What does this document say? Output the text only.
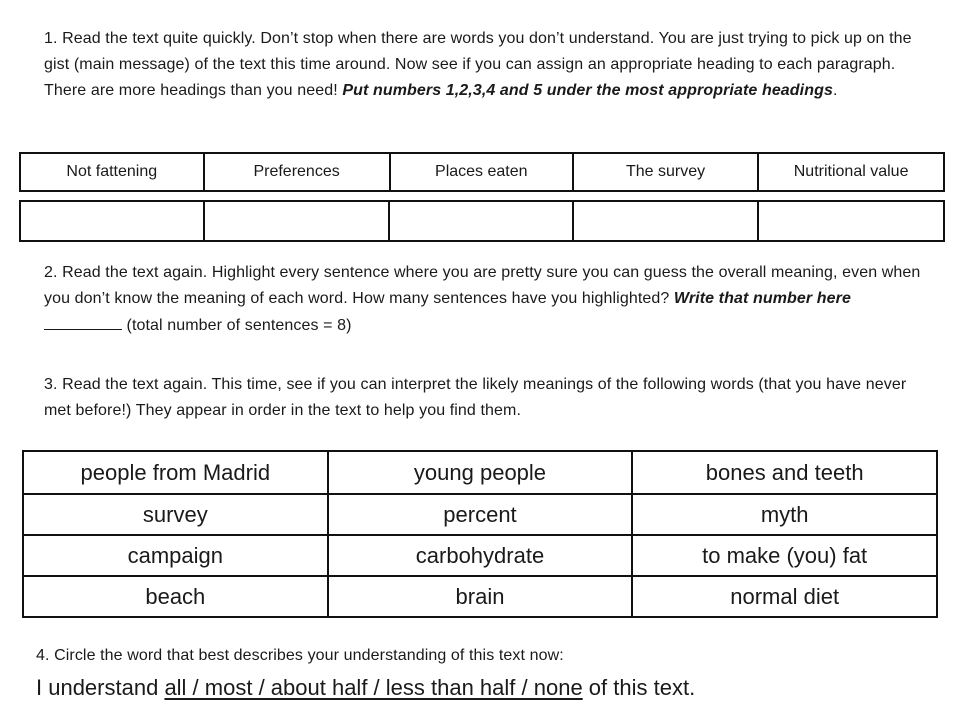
1. Read the text quite quickly. Don’t stop when there are words you don’t understand. You are just trying to pick up on the gist (main message) of the text this time around. Now see if you can assign an appropriate heading to each paragraph. There are more headings than you need! Put numbers 1,2,3,4 and 5 under the most appropriate headings.
Not fattening	Preferences	Places eaten	The survey	Nutritional value

2. Read the text again. Highlight every sentence where you are pretty sure you can guess the overall meaning, even when you don’t know the meaning of each word. How many sentences have you highlighted? Write that number here  (total number of sentences = 8)
3. Read the text again. This time, see if you can interpret the likely meanings of the following words (that you have never met before!) They appear in order in the text to help you find them.
people from Madrid	young people	bones and teeth
survey	percent	myth
campaign	carbohydrate	to make (you) fat
beach	brain	normal diet
4. Circle the word that best describes your understanding of this text now:
I understand all / most / about half / less than half / none of this text.
